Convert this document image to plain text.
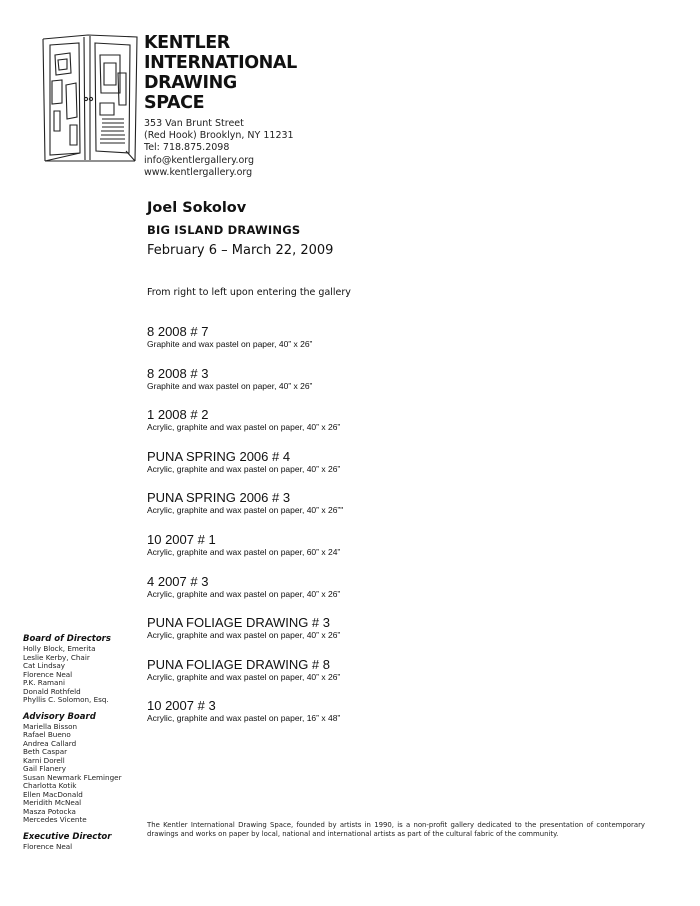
KENTLER
INTERNATIONAL
DRAWING
SPACE
353 Van Brunt Street
(Red Hook) Brooklyn, NY 11231
Tel: 718.875.2098
info@kentlergallery.org
www.kentlergallery.org
Joel Sokolov
BIG ISLAND DRAWINGS
February 6 – March 22, 2009
From right to left upon entering the gallery
8 2008 # 7
Graphite and wax pastel on paper, 40” x 26”
8 2008 # 3
Graphite and wax pastel on paper, 40” x 26”
1 2008 # 2
Acrylic, graphite and wax pastel on paper, 40” x 26”
PUNA SPRING 2006 # 4
Acrylic, graphite and wax pastel on paper, 40” x 26”
PUNA SPRING 2006 # 3
Acrylic, graphite and wax pastel on paper, 40” x 26”"
10 2007 # 1
Acrylic, graphite and wax pastel on paper, 60” x 24”
4 2007 # 3
Acrylic, graphite and wax pastel on paper, 40” x 26”
PUNA FOLIAGE DRAWING # 3
Acrylic, graphite and wax pastel on paper, 40” x 26”
PUNA FOLIAGE DRAWING # 8
Acrylic, graphite and wax pastel on paper, 40” x 26”
10 2007 # 3
Acrylic, graphite and wax pastel on paper, 16” x 48”
Board of Directors
Holly Block, Emerita
Leslie Kerby, Chair
Cat Lindsay
Florence Neal
P.K. Ramani
Donald Rothfeld
Phyllis C. Solomon, Esq.
Advisory Board
Mariella Bisson
Rafael Bueno
Andrea Callard
Beth Caspar
Karni Dorell
Gail Flanery
Susan Newmark FLeminger
Charlotta Kotik
Ellen MacDonald
Meridith McNeal
Masza Potocka
Mercedes Vicente
Executive Director
Florence Neal

The Kentler International Drawing Space, founded by artists in 1990, is a non-profit gallery dedicated to the presentation of contemporary drawings and works on paper by local, national and international artists as part of the cultural fabric of the community.
